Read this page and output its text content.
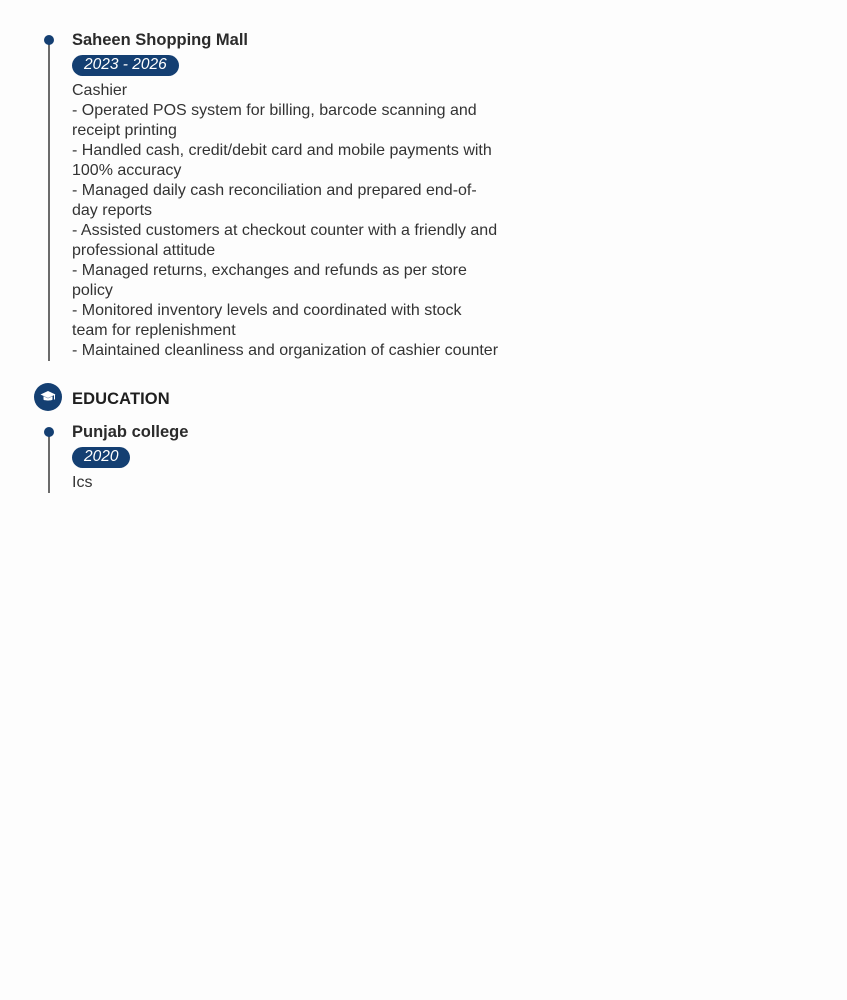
Saheen Shopping Mall
2023 - 2026
Cashier
- Operated POS system for billing, barcode scanning and
receipt printing
- Handled cash, credit/debit card and mobile payments with
100% accuracy
- Managed daily cash reconciliation and prepared end-of-
day reports
- Assisted customers at checkout counter with a friendly and
professional attitude
- Managed returns, exchanges and refunds as per store
policy
- Monitored inventory levels and coordinated with stock
team for replenishment
- Maintained cleanliness and organization of cashier counter
EDUCATION
Punjab college
2020
Ics
